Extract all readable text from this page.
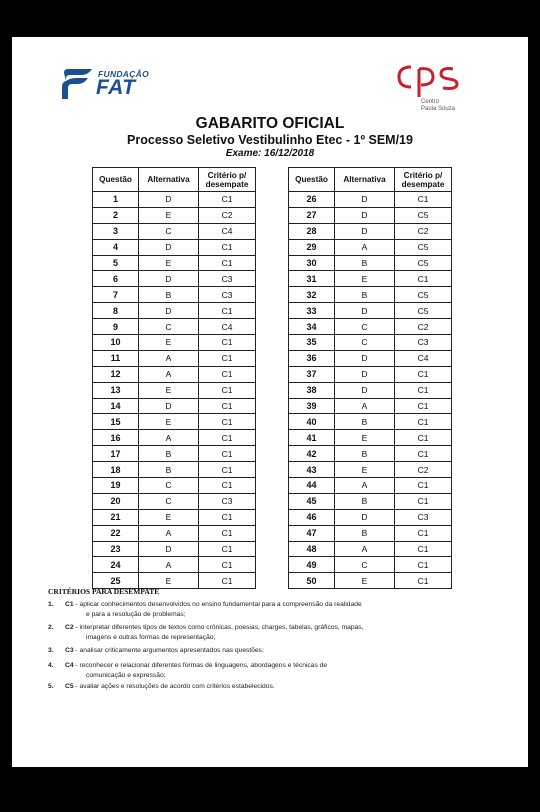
FUNDAÇÃO
FAT
Centro
Paula Souza
GABARITO OFICIAL
Processo Seletivo Vestibulinho Etec - 1º SEM/19
Exame: 16/12/2018
Questão	Alternativa	Critério p/
desempate
1	D	C1
2	E	C2
3	C	C4
4	D	C1
5	E	C1
6	D	C3
7	B	C3
8	D	C1
9	C	C4
10	E	C1
11	A	C1
12	A	C1
13	E	C1
14	D	C1
15	E	C1
16	A	C1
17	B	C1
18	B	C1
19	C	C1
20	C	C3
21	E	C1
22	A	C1
23	D	C1
24	A	C1
25	E	C1
Questão	Alternativa	Critério p/
desempate
26	D	C1
27	D	C5
28	D	C2
29	A	C5
30	B	C5
31	E	C1
32	B	C5
33	D	C5
34	C	C2
35	C	C3
36	D	C4
37	D	C1
38	D	C1
39	A	C1
40	B	C1
41	E	C1
42	B	C1
43	E	C2
44	A	C1
45	B	C1
46	D	C3
47	B	C1
48	A	C1
49	C	C1
50	E	C1
CRITÉRIOS PARA DESEMPATE
1. C1 - aplicar conhecimentos desenvolvidos no ensino fundamental para a compreensão da realidade
e para a resolução de problemas;
2. C2 - interpretar diferentes tipos de textos como crônicas, poesias, charges, tabelas, gráficos, mapas,
imagens e outras formas de representação;
3. C3 - analisar criticamente argumentos apresentados nas questões;
4. C4 - reconhecer e relacionar diferentes formas de linguagens, abordagens e técnicas de
comunicação e expressão;
5. C5 - avaliar ações e resoluções de acordo com critérios estabelecidos.
